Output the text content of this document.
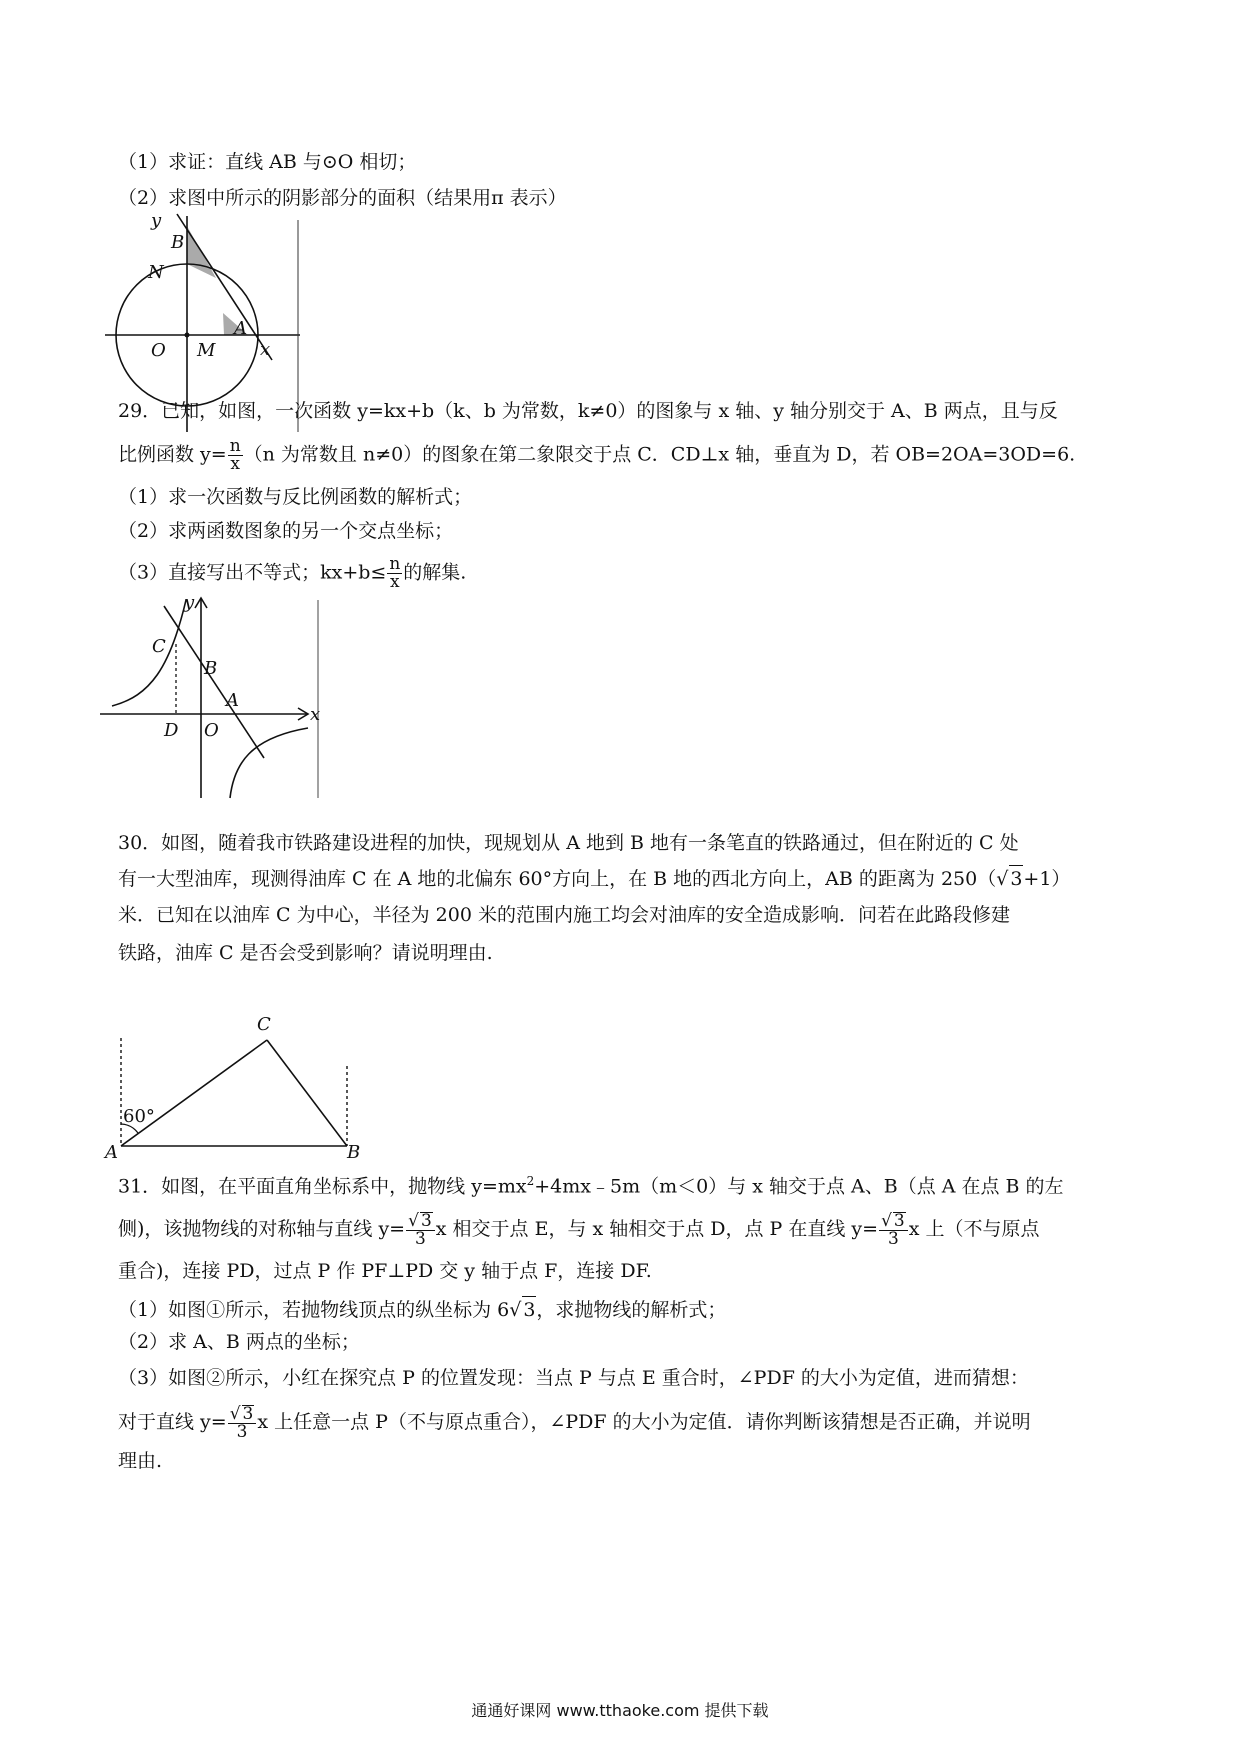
（1）求证：直线 AB 与⊙O 相切；
（2）求图中所示的阴影部分的面积（结果用π 表示）
y
B
N
A
O M x
29．已知，如图，一次函数 y=kx+b（k、b 为常数，k≠0）的图象与 x 轴、y 轴分别交于 A、B 两点，且与反
比例函数 $y= \frac{n}{x} (n$ 为常数且 n≠0）的图象在第二象限交于点 C．CD⊥x 轴，垂直为 D，若 OB=2OA=3OD=6.
（1）求一次函数与反比例函数的解析式；
（2）求两函数图象的另一个交点坐标；
（3）直接写出不等式；$kx+b\le \frac{n}{x}$ 的解集.
y
C
B
A
D O
x
30．如图，随着我市铁路建设进程的加快，现规划从 A 地到 B 地有一条笔直的铁路通过，但在附近的 C 处
有一大型油库，现测得油库 C 在 A 地的北偏东 60°方向上，在 B 地的西北方向上，AB 的距离为 250（√ 3+1）
米．已知在以油库 C 为中心，半径为 200 米的范围内施工均会对油库的安全造成影响．问若在此路段修建
铁路，油库 C 是否会受到影响？请说明理由.
C
60°
A	B
31．如图，在平面直角坐标系中，抛物线 $y=mx^2+4mx﹣5m(m<0)$与 x 轴交于点 A、B（点 A 在点 B 的左
侧)，该抛物线的对称轴与直线 $y= \frac{√ 3}{3}$ x 相交于点 E，与 x 轴相交于点 D，点 P 在直线 $y= \frac{√ 3}{3}$ x 上（不与原点
重合)，连接 PD，过点 P 作 PF⊥PD 交 y 轴于点 F，连接 DF.
（1）如图①所示，若抛物线顶点的纵坐标为 6√ 3，求抛物线的解析式；
（2）求 A、B 两点的坐标；
（3）如图②所示，小红在探究点 P 的位置发现：当点 P 与点 E 重合时，∠PDF 的大小为定值，进而猜想：
对于直线 $y= \frac{√ 3}{3}$ x 上任意一点 P（不与原点重合），∠PDF 的大小为定值．请你判断该猜想是否正确，并说明
理由.
通通好课网 www.tthaoke.com 提供下载
